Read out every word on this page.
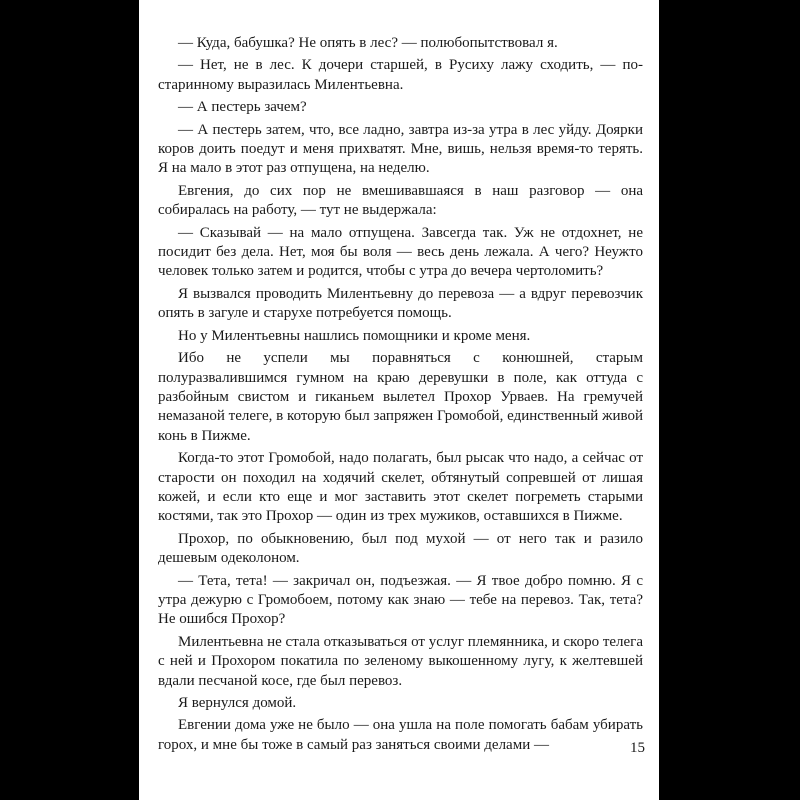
— Куда, бабушка? Не опять в лес? — полюбопытствовал я.

— Нет, не в лес. К дочери старшей, в Русиху лажу сходить, — по-старинному выразилась Милентьевна.

— А пестерь зачем?

— А пестерь затем, что, все ладно, завтра из-за утра в лес уйду. Доярки коров доить поедут и меня прихватят. Мне, вишь, нельзя время-то терять. Я на мало в этот раз отпущена, на неделю.

Евгения, до сих пор не вмешивавшаяся в наш разговор — она собиралась на работу, — тут не выдержала:

— Сказывай — на мало отпущена. Завсегда так. Уж не отдохнет, не посидит без дела. Нет, моя бы воля — весь день лежала. А чего? Неужто человек только затем и родится, чтобы с утра до вечера чертоломить?

Я вызвался проводить Милентьевну до перевоза — а вдруг перевозчик опять в загуле и старухе потребуется помощь.

Но у Милентьевны нашлись помощники и кроме меня.

Ибо не успели мы поравняться с конюшней, старым полуразвалившимся гумном на краю деревушки в поле, как оттуда с разбойным свистом и гиканьем вылетел Прохор Урваев. На гремучей немазаной телеге, в которую был запряжен Громобой, единственный живой конь в Пижме.

Когда-то этот Громобой, надо полагать, был рысак что надо, а сейчас от старости он походил на ходячий скелет, обтянутый сопревшей от лишая кожей, и если кто еще и мог заставить этот скелет погреметь старыми костями, так это Прохор — один из трех мужиков, оставшихся в Пижме.

Прохор, по обыкновению, был под мухой — от него так и разило дешевым одеколоном.

— Тета, тета! — закричал он, подъезжая. — Я твое добро помню. Я с утра дежурю с Громобоем, потому как знаю — тебе на перевоз. Так, тета? Не ошибся Прохор?

Милентьевна не стала отказываться от услуг племянника, и скоро телега с ней и Прохором покатила по зеленому выкошенному лугу, к желтевшей вдали песчаной косе, где был перевоз.

Я вернулся домой.

Евгении дома уже не было — она ушла на поле помогать бабам убирать горох, и мне бы тоже в самый раз заняться своими делами —	15
